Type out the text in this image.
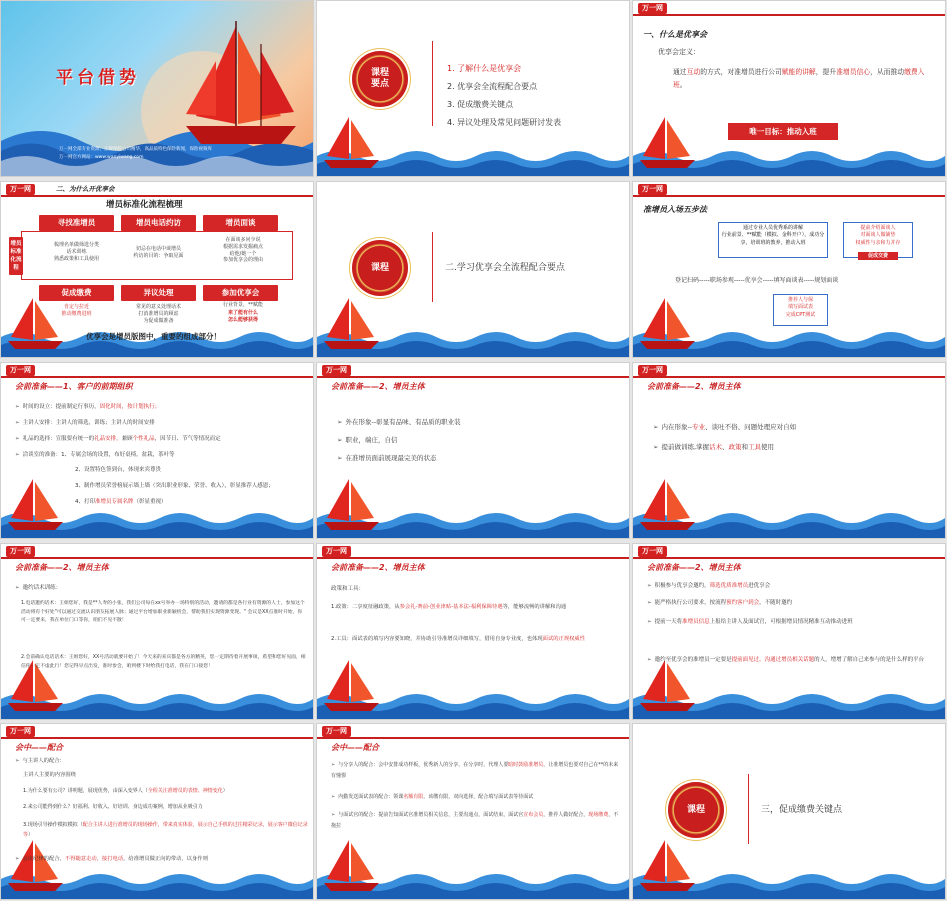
平台借势
万一网全部专业资源，正规保险公司精华，高品质特色保险新闻，保险视频库
万一网官方网站：www.wanyiwang.com
课程
要点
1. 了解什么是优享会
2. 优享会全流程配合要点
3. 促成缴费关键点
4. 异议处理及常见问题研讨发表
万一网
一、什么是优享会
优享会定义：
通过互动的方式，对准增员进行公司赋能的讲解，提升准增员信心，从而推动缴费入班。
唯一目标：推动入班
万一网	二、为什么开优享会
增员标准化流程梳理
寻找准增员	增员电话约访	增员面谈
增员标准化流程
梳理名单做筛选分类
话术训练
熟悉政策和工具使用
切忌在电话中谈增员
约访的目的：争取见面
在面谈多问少说
根据需求发掘痛点
给他/她一个
参加优享会的理由
促成缴费	异议处理	参加优享会
肯定与拉近
推动缴费进班
常见的意义处理话术
打消准增员的顾虑
为促成做准备
行业背景，**赋能
来了能有什么
怎么能够获得
优享会是增员版图中，重要的组成部分！
课程	二.学习优享会全流程配合要点
万一网
准增员入场五步法
通过专业人员优秀系的讲解
行业前景、**赋能（模拟、金科开户），成功分享，培训班的教养，推动入班
提前介绍面谈人
对面谈人做铺垫
权威性与亲和力并存
促成交费
登记扫码-----职场参观-----优享会-----填写面谈表-----规划面谈
推荐人与保
填写面试表
完成CPT测试
万一网
会前准备——1、客户的前期组织
➢ 时间的设立：提前制定行事历，固化时间，按计划执行；
➢ 主讲人安排：主讲人的筛选，训练；主讲人的时间安排
➢ 礼品的选择：宣服要有统一的礼品安排，兼顾个性礼品，因节日、节气等情况而定
➢ 洽谈室的准备：1、专属会场的设置，布好桌椅，盆栽，茶叶等
2、设置特色签到台，体现来宾尊贵
3、制作增员荣誉榜展示墙上墙（突出职业形象、荣誉、收入），彰显推荐人感恩；
4、打印准增员专属名牌（彰显重视）
万一网
会前准备——2、增员主体
➢ 外在形象--彰显有品味、有品质的职业装
➢ 职业，端庄，自信
➢ 在准增员面前展现最完美的状态
万一网
会前准备——2、增员主体
➢ 内在形象--专业、谈吐不俗、问题处理应对自如
➢ 提前做训练,掌握话术、政策和工具使用
万一网
会前准备——2、增员主体
➢ 邀约话术训练：
1.电话邀约话术：王姐您好，我是**人寿的小张，我们公司每在xx号举办一场特别的活动，邀请的都是各行业有资源的人士，参加这个活动将有个好处"可以通过交流认识朋友拓展人脉；通过平台增加职业新颖机会，帮助我们实现资源变现。" 会议是XX点准时开始，你可一定要来，我在单位门口等你，咱们不见不散！
2.会前确认电话话术：王姐您好，XX号活动就要开始了！今天来的来宾都是各方的精英，您一定期待着开展事项，希望和您好见面，相信你一定不虚此行！您记得早点出发，准时参会，咱到楼下时给我打电话，我在门口接您！
万一网
会前准备——2、增员主体
政策和工具：
1.政策：二享度征融政策，从参会礼-赛前-创业津贴-基本法-福利保障待遇等，能够流畅的讲解和沟通
2.工具：面试表的填写内容要知晓，并协助引导准增员详细填写，借用自身专业度，也体现面试的正规权威性
万一网
会前准备——2、增员主体
➢ 积极参与优享会邀约，筛选优质准增员进优享会
➢ 能严格执行公司要求，按流程预约客户到会，不随时邀约
➢ 提前一天将准增员信息上报给主讲人及面试官，可根据增员情况精准互动推动进班
➢ 邀约至优享会的准增员一定要是提前面见过，沟通过增员相关话题的人，增增了解自己来参与的是什么样的平台
万一网
会中——配合
➢ 与主讲人的配合：
主讲人主要的内容围绕
1.为什么要有公司？讲明题，展现优势，由深入变界人（全程关注准增员的表情、神情变化）
2.来公司能得到什么？好福利、好收入、好培训、身边成功案例，增加从业吸引力
3.现场引导操作模拟模拟（配合主讲人进行准增员的现场操作，带来真实体验，展示自己手机的过往精彩记录，展示客户微信记录等）
➢ 会议纪律的配合，不得随意走动，接打电话，给准增员做正向的带动，以身作则
万一网
会中——配合
➢ 与分享人的配合：会中安排成功样板，优秀新人的分享，在分享时，代理人要暗时鼓励准增员，让准增员也要对自己在**的未来有憧憬
➢ 内勤发送面试表的配合：领课名额有限，该缴有限，双向选择，配合填写面试表等待面试
➢ 与面试官的配合：提前告知面试官准增员相关信息，主要沟通点，面试结束，面试官宣布会员，推荐人做好配合，现场缴费，不拖拉
课程	三，促成缴费关键点
